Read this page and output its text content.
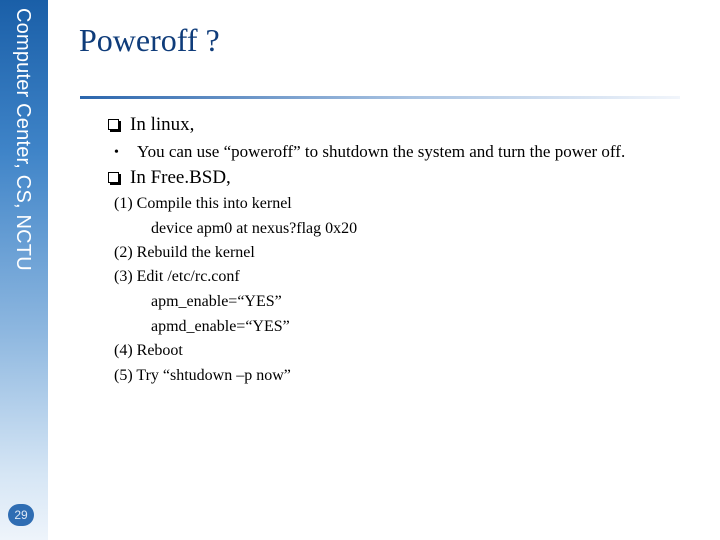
Computer Center, CS, NCTU
29
Poweroff ?
In linux,
• You can use “poweroff” to shutdown the system and turn the power off.
In Free.BSD,
(1) Compile this into kernel
device apm0 at nexus?flag 0x20
(2) Rebuild the kernel
(3) Edit /etc/rc.conf
apm_enable=“YES”
apmd_enable=“YES”
(4) Reboot
(5) Try “shtudown –p now”
